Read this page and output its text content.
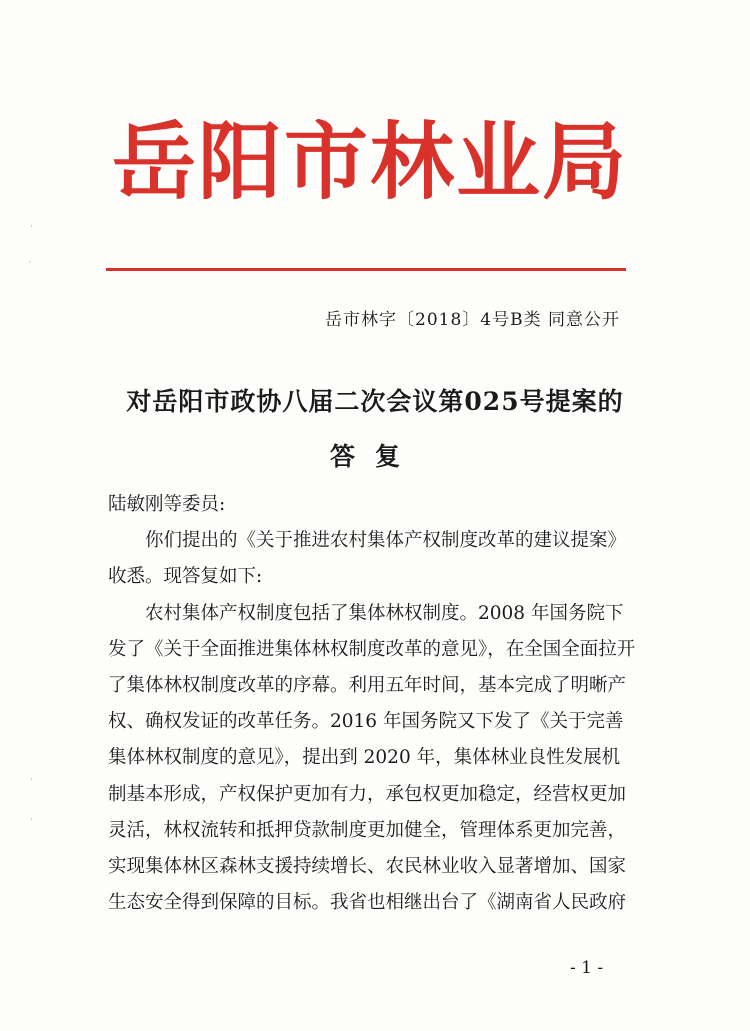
岳阳市林业局
岳市林字〔2018〕4号B类 同意公开
对岳阳市政协八届二次会议第025号提案的
答复

陆敏刚等委员:

你们提出的《关于推进农村集体产权制度改革的建议提案》收悉。现答复如下:

农村集体产权制度包括了集体林权制度。2008 年国务院下发了《关于全面推进集体林权制度改革的意见》，在全国全面拉开了集体林权制度改革的序幕。利用五年时间，基本完成了明晰产权、确权发证的改革任务。2016 年国务院又下发了《关于完善集体林权制度的意见》，提出到 2020 年，集体林业良性发展机制基本形成，产权保护更加有力，承包权更加稳定，经营权更加灵活，林权流转和抵押贷款制度更加健全，管理体系更加完善，实现集体林区森林支援持续增长、农民林业收入显著增加、国家生态安全得到保障的目标。我省也相继出台了《湖南省人民政府

- 1 -
·
·
·
·
